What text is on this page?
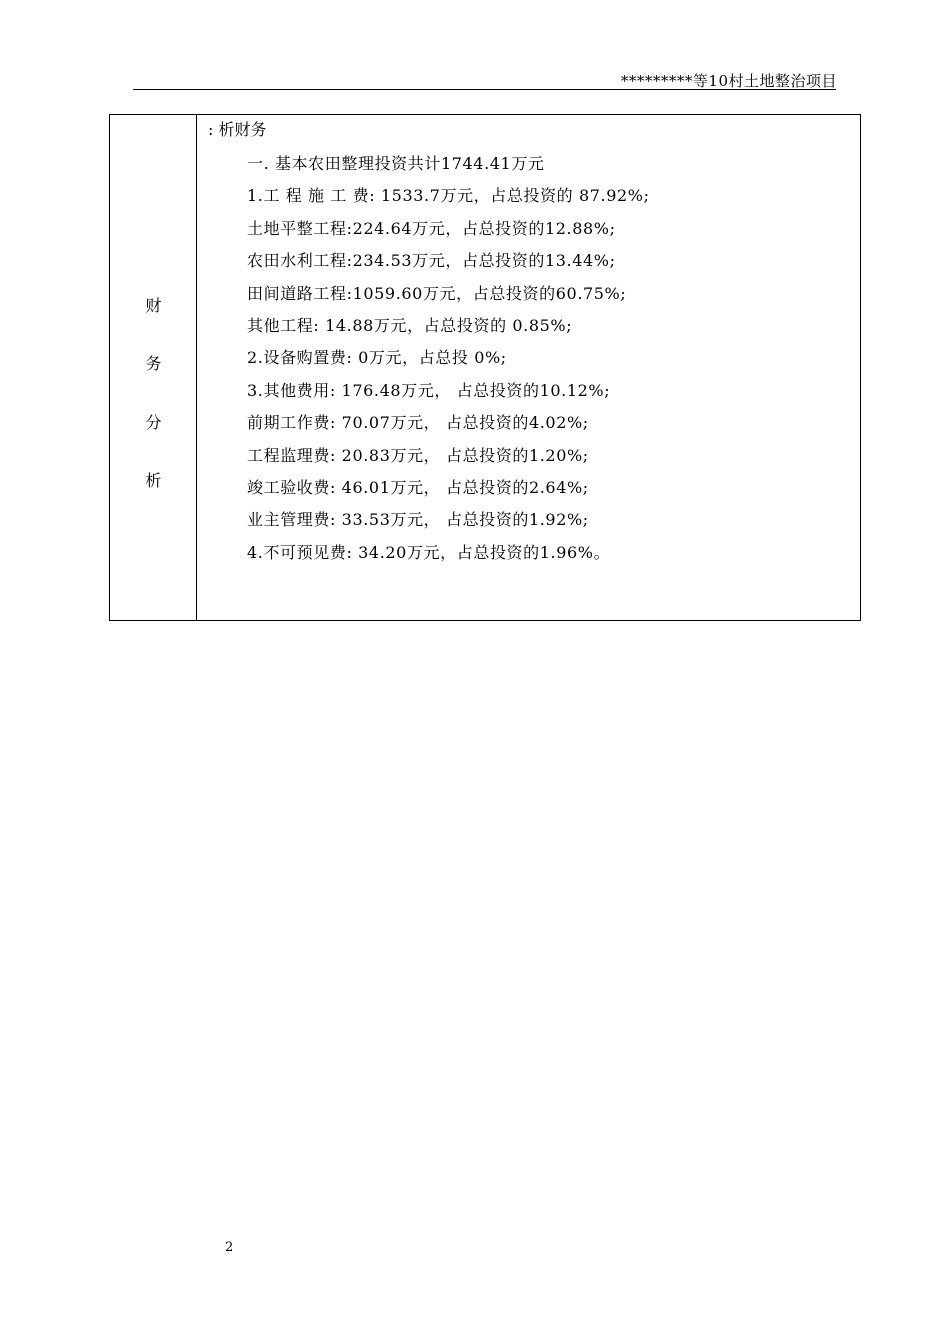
*********等10村土地整治项目
财
务
分
析
: 析财务
一. 基本农田整理投资共计1744.41万元
1.工 程 施 工 费: 1533.7万元，占总投资的 87.92%;
土地平整工程:224.64万元，占总投资的12.88%;
农田水利工程:234.53万元，占总投资的13.44%;
田间道路工程:1059.60万元，占总投资的60.75%;
其他工程: 14.88万元，占总投资的 0.85%;
2.设备购置费: 0万元，占总投 0%;
3.其他费用: 176.48万元， 占总投资的10.12%;
前期工作费: 70.07万元， 占总投资的4.02%;
工程监理费: 20.83万元， 占总投资的1.20%;
竣工验收费: 46.01万元， 占总投资的2.64%;
业主管理费: 33.53万元， 占总投资的1.92%;
4.不可预见费: 34.20万元，占总投资的1.96%。
2
